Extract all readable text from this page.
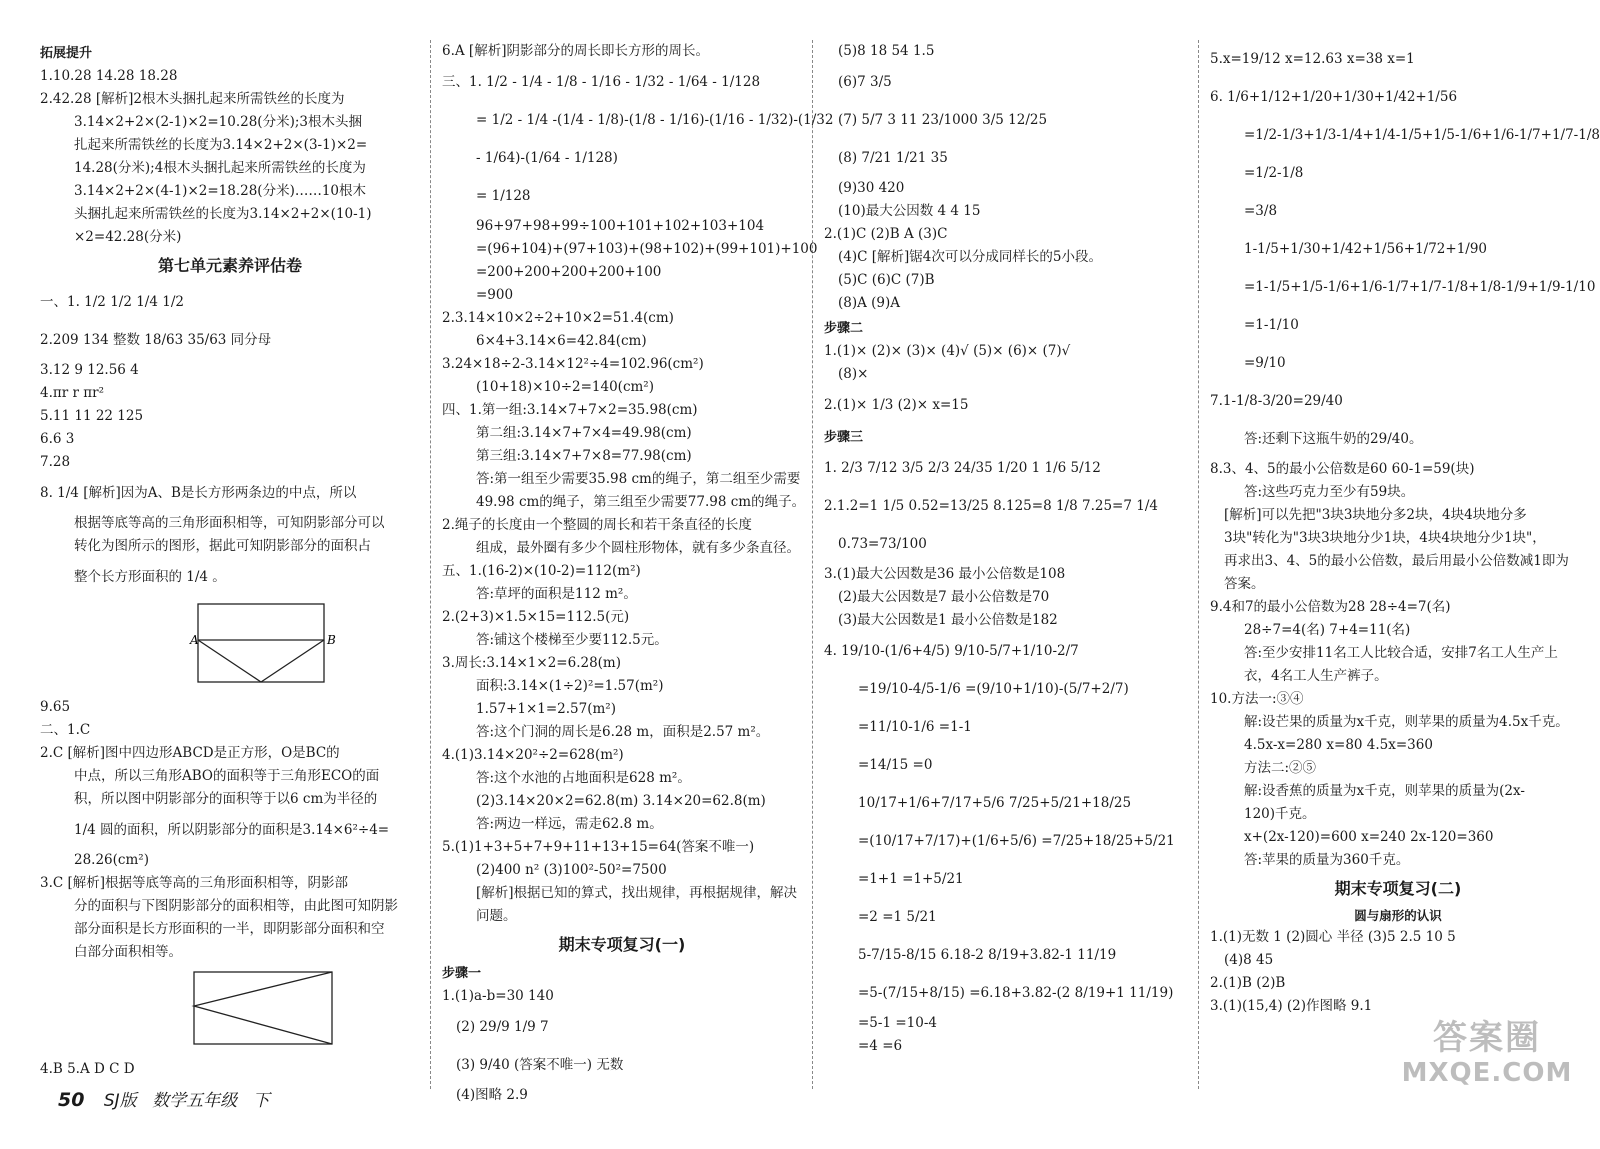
拓展提升
1.10.28 14.28 18.28
2.42.28 [解析]2根木头捆扎起来所需铁丝的长度为
3.14×2+2×(2-1)×2=10.28(分米);3根木头捆
扎起来所需铁丝的长度为3.14×2+2×(3-1)×2=
14.28(分米);4根木头捆扎起来所需铁丝的长度为
3.14×2+2×(4-1)×2=18.28(分米)……10根木
头捆扎起来所需铁丝的长度为3.14×2+2×(10-1)
×2=42.28(分米)
第七单元素养评估卷
一、1. 1/2 1/2 1/4 1/2
2.209 134 整数 18/63 35/63 同分母
3.12 9 12.56 4
4.πr r πr²
5.11 11 22 125
6.6 3
7.28
8. 1/4 [解析]因为A、B是长方形两条边的中点，所以
根据等底等高的三角形面积相等，可知阴影部分可以
转化为图所示的图形，据此可知阴影部分的面积占
整个长方形面积的 1/4 。
A	B
9.65
二、1.C
2.C [解析]图中四边形ABCD是正方形，O是BC的
中点，所以三角形ABO的面积等于三角形ECO的面
积，所以图中阴影部分的面积等于以6 cm为半径的
1/4 圆的面积，所以阴影部分的面积是3.14×6²÷4=
28.26(cm²)
3.C [解析]根据等底等高的三角形面积相等，阴影部
分的面积与下图阴影部分的面积相等，由此图可知阴影
部分面积是长方形面积的一半，即阴影部分面积和空
白部分面积相等。
4.B 5.A D C D
6.A [解析]阴影部分的周长即长方形的周长。
三、1. 1/2 - 1/4 - 1/8 - 1/16 - 1/32 - 1/64 - 1/128
= 1/2 - 1/4 -(1/4 - 1/8)-(1/8 - 1/16)-(1/16 - 1/32)-(1/32
- 1/64)-(1/64 - 1/128)
= 1/128
96+97+98+99÷100+101+102+103+104
=(96+104)+(97+103)+(98+102)+(99+101)+100
=200+200+200+200+100
=900
2.3.14×10×2÷2+10×2=51.4(cm)
6×4+3.14×6=42.84(cm)
3.24×18÷2-3.14×12²÷4=102.96(cm²)
(10+18)×10÷2=140(cm²)
四、1.第一组:3.14×7+7×2=35.98(cm)
第二组:3.14×7+7×4=49.98(cm)
第三组:3.14×7+7×8=77.98(cm)
答:第一组至少需要35.98 cm的绳子，第二组至少需要
49.98 cm的绳子，第三组至少需要77.98 cm的绳子。
2.绳子的长度由一个整圆的周长和若干条直径的长度
组成，最外圈有多少个圆柱形物体，就有多少条直径。
五、1.(16-2)×(10-2)=112(m²)
答:草坪的面积是112 m²。
2.(2+3)×1.5×15=112.5(元)
答:铺这个楼梯至少要112.5元。
3.周长:3.14×1×2=6.28(m)
面积:3.14×(1÷2)²=1.57(m²)
1.57+1×1=2.57(m²)
答:这个门洞的周长是6.28 m，面积是2.57 m²。
4.(1)3.14×20²÷2=628(m²)
答:这个水池的占地面积是628 m²。
(2)3.14×20×2=62.8(m) 3.14×20=62.8(m)
答:两边一样远，需走62.8 m。
5.(1)1+3+5+7+9+11+13+15=64(答案不唯一)
(2)400 n² (3)100²-50²=7500
[解析]根据已知的算式，找出规律，再根据规律，解决
问题。
期末专项复习(一)
步骤一
1.(1)a-b=30 140
(2) 29/9 1/9 7
(3) 9/40 (答案不唯一) 无数
(4)图略 2.9
(5)8 18 54 1.5
(6)7 3/5
(7) 5/7 3 11 23/1000 3/5 12/25
(8) 7/21 1/21 35
(9)30 420
(10)最大公因数 4 4 15
2.(1)C (2)B A (3)C
(4)C [解析]锯4次可以分成同样长的5小段。
(5)C (6)C (7)B
(8)A (9)A
步骤二
1.(1)× (2)× (3)× (4)√ (5)× (6)× (7)√
(8)×
2.(1)× 1/3 (2)× x=15
步骤三
1. 2/3 7/12 3/5 2/3 24/35 1/20 1 1/6 5/12
2.1.2=1 1/5 0.52=13/25 8.125=8 1/8 7.25=7 1/4
0.73=73/100
3.(1)最大公因数是36 最小公倍数是108
(2)最大公因数是7 最小公倍数是70
(3)最大公因数是1 最小公倍数是182
4. 19/10-(1/6+4/5) 9/10-5/7+1/10-2/7
=19/10-4/5-1/6 =(9/10+1/10)-(5/7+2/7)
=11/10-1/6 =1-1
=14/15 =0
10/17+1/6+7/17+5/6 7/25+5/21+18/25
=(10/17+7/17)+(1/6+5/6) =7/25+18/25+5/21
=1+1 =1+5/21
=2 =1 5/21
5-7/15-8/15 6.18-2 8/19+3.82-1 11/19
=5-(7/15+8/15) =6.18+3.82-(2 8/19+1 11/19)
=5-1 =10-4
=4 =6
5.x=19/12 x=12.63 x=38 x=1
6. 1/6+1/12+1/20+1/30+1/42+1/56
=1/2-1/3+1/3-1/4+1/4-1/5+1/5-1/6+1/6-1/7+1/7-1/8
=1/2-1/8
=3/8
1-1/5+1/30+1/42+1/56+1/72+1/90
=1-1/5+1/5-1/6+1/6-1/7+1/7-1/8+1/8-1/9+1/9-1/10
=1-1/10
=9/10
7.1-1/8-3/20=29/40
答:还剩下这瓶牛奶的29/40。
8.3、4、5的最小公倍数是60 60-1=59(块)
答:这些巧克力至少有59块。
[解析]可以先把"3块3块地分多2块，4块4块地分多
3块"转化为"3块3块地分少1块，4块4块地分少1块"，
再求出3、4、5的最小公倍数，最后用最小公倍数减1即为
答案。
9.4和7的最小公倍数为28 28÷4=7(名)
28÷7=4(名) 7+4=11(名)
答:至少安排11名工人比较合适，安排7名工人生产上
衣，4名工人生产裤子。
10.方法一:③④
解:设芒果的质量为x千克，则苹果的质量为4.5x千克。
4.5x-x=280 x=80 4.5x=360
方法二:②⑤
解:设香蕉的质量为x千克，则苹果的质量为(2x-
120)千克。
x+(2x-120)=600 x=240 2x-120=360
答:苹果的质量为360千克。
期末专项复习(二)
圆与扇形的认识
1.(1)无数 1 (2)圆心 半径 (3)5 2.5 10 5
(4)8 45
2.(1)B (2)B
3.(1)(15,4) (2)作图略 9.1
50 SJ版 数学五年级 下
答案圈
MXQE.COM
